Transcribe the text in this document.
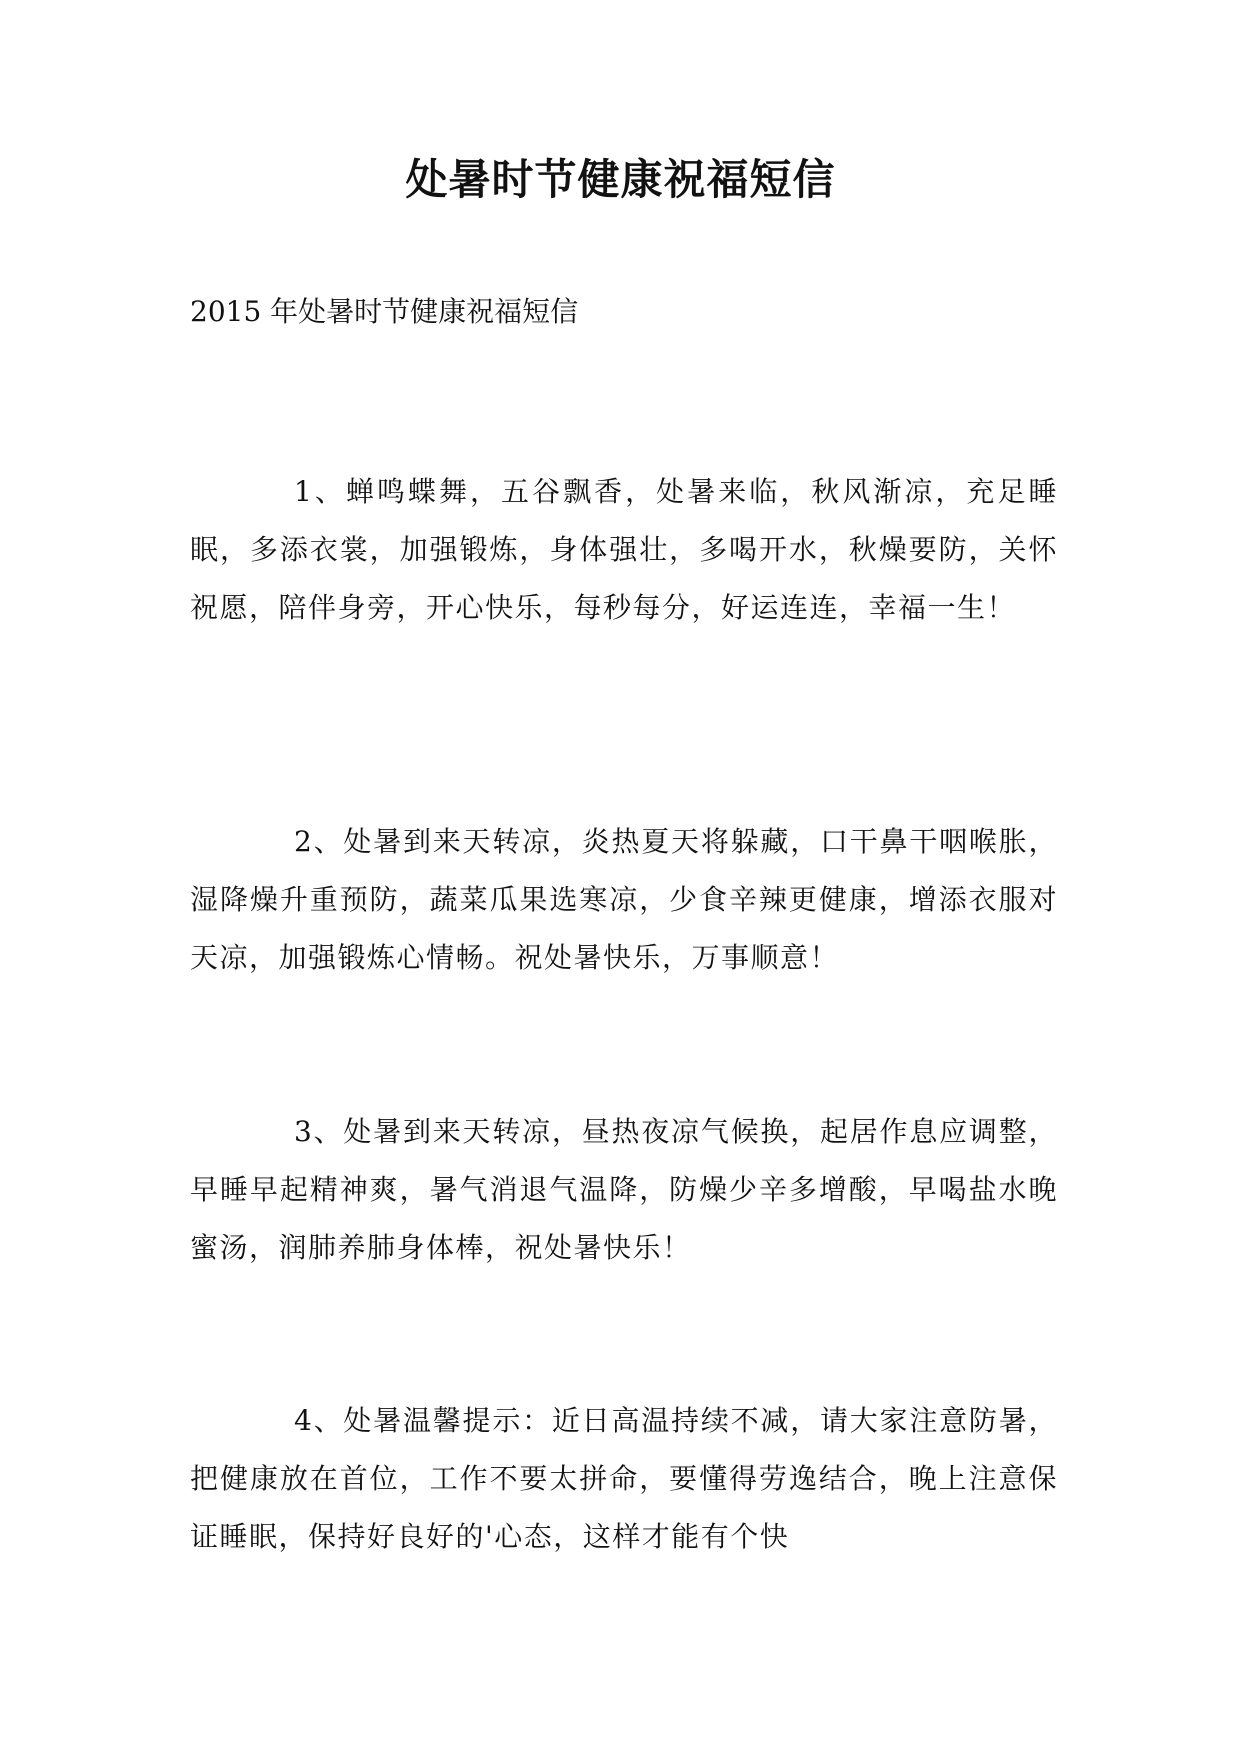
处暑时节健康祝福短信
2015 年处暑时节健康祝福短信

1、蝉鸣蝶舞，五谷飘香，处暑来临，秋风渐凉，充足睡眠，多添衣裳，加强锻炼，身体强壮，多喝开水，秋燥要防，关怀祝愿，陪伴身旁，开心快乐，每秒每分，好运连连，幸福一生！

2、处暑到来天转凉，炎热夏天将躲藏，口干鼻干咽喉胀，湿降燥升重预防，蔬菜瓜果选寒凉，少食辛辣更健康，增添衣服对天凉，加强锻炼心情畅。祝处暑快乐，万事顺意！

3、处暑到来天转凉，昼热夜凉气候换，起居作息应调整，早睡早起精神爽，暑气消退气温降，防燥少辛多增酸，早喝盐水晚蜜汤，润肺养肺身体棒，祝处暑快乐！

4、处暑温馨提示：近日高温持续不减，请大家注意防暑，把健康放在首位，工作不要太拼命，要懂得劳逸结合，晚上注意保证睡眠，保持好良好的'心态，这样才能有个快
